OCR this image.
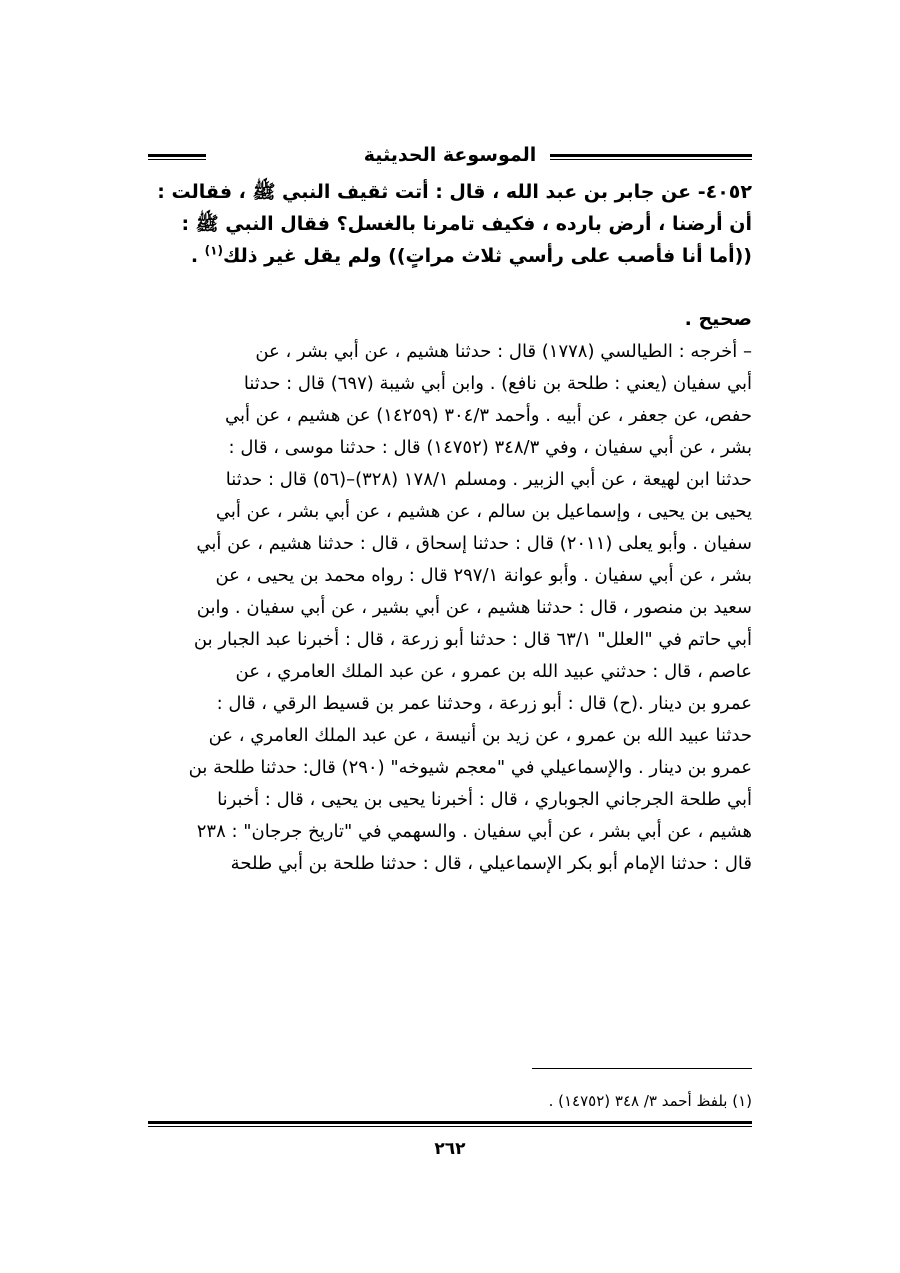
الموسوعة الحديثية
٤٠٥٢- عن جابر بن عبد الله ، قال : أتت ثقيف النبي ﷺ ، فقالت :
أن أرضنا ، أرض بارده ، فكيف تامرنا بالغسل؟ فقال النبي ﷺ :
((أما أنا فأصب على رأسي ثلاث مراتٍ)) ولم يقل غير ذلك$^{(١)}$ .
صحيح .
– أخرجه : الطيالسي (١٧٧٨) قال : حدثنا هشيم ، عن أبي بشر ، عن
أبي سفيان (يعني : طلحة بن نافع) . وابن أبي شيبة (٦٩٧) قال : حدثنا
حفص، عن جعفر ، عن أبيه . وأحمد ٣٠٤/٣ (١٤٢٥٩) عن هشيم ، عن أبي
بشر ، عن أبي سفيان ، وفي ٣٤٨/٣ (١٤٧٥٢) قال : حدثنا موسى ، قال :
حدثنا ابن لهيعة ، عن أبي الزبير . ومسلم ١٧٨/١ (٣٢٨)–(٥٦) قال : حدثنا
يحيى بن يحيى ، وإسماعيل بن سالم ، عن هشيم ، عن أبي بشر ، عن أبي
سفيان . وأبو يعلى (٢٠١١) قال : حدثنا إسحاق ، قال : حدثنا هشيم ، عن أبي
بشر ، عن أبي سفيان . وأبو عوانة ٢٩٧/١ قال : رواه محمد بن يحيى ، عن
سعيد بن منصور ، قال : حدثنا هشيم ، عن أبي بشير ، عن أبي سفيان . وابن
أبي حاتم في "العلل" ٦٣/١ قال : حدثنا أبو زرعة ، قال : أخبرنا عبد الجبار بن
عاصم ، قال : حدثني عبيد الله بن عمرو ، عن عبد الملك العامري ، عن
عمرو بن دينار .(ح) قال : أبو زرعة ، وحدثنا عمر بن قسيط الرقي ، قال :
حدثنا عبيد الله بن عمرو ، عن زيد بن أنيسة ، عن عبد الملك العامري ، عن
عمرو بن دينار . والإسماعيلي في "معجم شيوخه" (٢٩٠) قال: حدثنا طلحة بن
أبي طلحة الجرجاني الجوباري ، قال : أخبرنا يحيى بن يحيى ، قال : أخبرنا
هشيم ، عن أبي بشر ، عن أبي سفيان . والسهمي في "تاريخ جرجان" : ٢٣٨
قال : حدثنا الإمام أبو بكر الإسماعيلي ، قال : حدثنا طلحة بن أبي طلحة
(١) بلفظ أحمد ٣/ ٣٤٨ (١٤٧٥٢) .
٢٦٢
